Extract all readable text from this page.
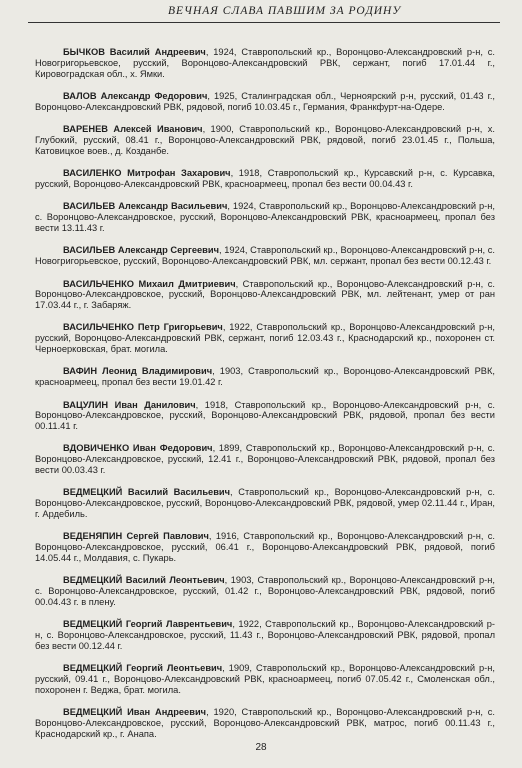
ВЕЧНАЯ СЛАВА ПАВШИМ ЗА РОДИНУ

БЫЧКОВ Василий Андреевич, 1924, Ставропольский кр., Воронцово-Александровский р-н, с. Новогригорьевское, русский, Воронцово-Александровский РВК, сержант, погиб 17.01.44 г., Кировоградская обл., х. Ямки.

ВАЛОВ Александр Федорович, 1925, Сталинградская обл., Черноярский р-н, русский, 01.43 г., Воронцово-Александровский РВК, рядовой, погиб 10.03.45 г., Германия, Франкфурт-на-Одере.

ВАРЕНЕВ Алексей Иванович, 1900, Ставропольский кр., Воронцово-Александровский р-н, х. Глубокий, русский, 08.41 г., Воронцово-Александровский РВК, рядовой, погиб 23.01.45 г., Польша, Катовицкое воев., д. Козданбе.

ВАСИЛЕНКО Митрофан Захарович, 1918, Ставропольский кр., Курсавский р-н, с. Курсавка, русский, Воронцово-Александровский РВК, красноармеец, пропал без вести 00.04.43 г.

ВАСИЛЬЕВ Александр Васильевич, 1924, Ставропольский кр., Воронцово-Александровский р-н, с. Воронцово-Александровское, русский, Воронцово-Александровский РВК, красноармеец, пропал без вести 13.11.43 г.

ВАСИЛЬЕВ Александр Сергеевич, 1924, Ставропольский кр., Воронцово-Александровский р-н, с. Новогригорьевское, русский, Воронцово-Александровский РВК, мл. сержант, пропал без вести 00.12.43 г.

ВАСИЛЬЧЕНКО Михаил Дмитриевич, Ставропольский кр., Воронцово-Александровский р-н, с. Воронцово-Александровское, русский, Воронцово-Александровский РВК, мл. лейтенант, умер от ран 17.03.44 г., г. Забаряж.

ВАСИЛЬЧЕНКО Петр Григорьевич, 1922, Ставропольский кр., Воронцово-Александровский р-н, русский, Воронцово-Александровский РВК, сержант, погиб 12.03.43 г., Краснодарский кр., похоронен ст. Черноерковская, брат. могила.

ВАФИН Леонид Владимирович, 1903, Ставропольский кр., Воронцово-Александровский РВК, красноармеец, пропал без вести 19.01.42 г.

ВАЦУЛИН Иван Данилович, 1918, Ставропольский кр., Воронцово-Александровский р-н, с. Воронцово-Александровское, русский, Воронцово-Александровский РВК, рядовой, пропал без вести 00.11.41 г.

ВДОВИЧЕНКО Иван Федорович, 1899, Ставропольский кр., Воронцово-Александровский р-н, с. Воронцово-Александровское, русский, 12.41 г., Воронцово-Александровский РВК, рядовой, пропал без вести 00.03.43 г.

ВЕДМЕЦКИЙ Василий Васильевич, Ставропольский кр., Воронцово-Александровский р-н, с. Воронцово-Александровское, русский, Воронцово-Александровский РВК, рядовой, умер 02.11.44 г., Иран, г. Ардебиль.

ВЕДЕНЯПИН Сергей Павлович, 1916, Ставропольский кр., Воронцово-Александровский р-н, с. Воронцово-Александровское, русский, 06.41 г., Воронцово-Александровский РВК, рядовой, погиб 14.05.44 г., Молдавия, с. Пукарь.

ВЕДМЕЦКИЙ Василий Леонтьевич, 1903, Ставропольский кр., Воронцово-Александровский р-н, с. Воронцово-Александровское, русский, 01.42 г., Воронцово-Александровский РВК, рядовой, погиб 00.04.43 г. в плену.

ВЕДМЕЦКИЙ Георгий Лаврентьевич, 1922, Ставропольский кр., Воронцово-Александровский р-н, с. Воронцово-Александровское, русский, 11.43 г., Воронцово-Александровский РВК, рядовой, пропал без вести 00.12.44 г.

ВЕДМЕЦКИЙ Георгий Леонтьевич, 1909, Ставропольский кр., Воронцово-Александровский р-н, русский, 09.41 г., Воронцово-Александровский РВК, красноармеец, погиб 07.05.42 г., Смоленская обл., похоронен г. Веджа, брат. могила.

ВЕДМЕЦКИЙ Иван Андреевич, 1920, Ставропольский кр., Воронцово-Александровский р-н, с. Воронцово-Александровское, русский, Воронцово-Александровский РВК, матрос, погиб 00.11.43 г., Краснодарский кр., г. Анапа.

28
